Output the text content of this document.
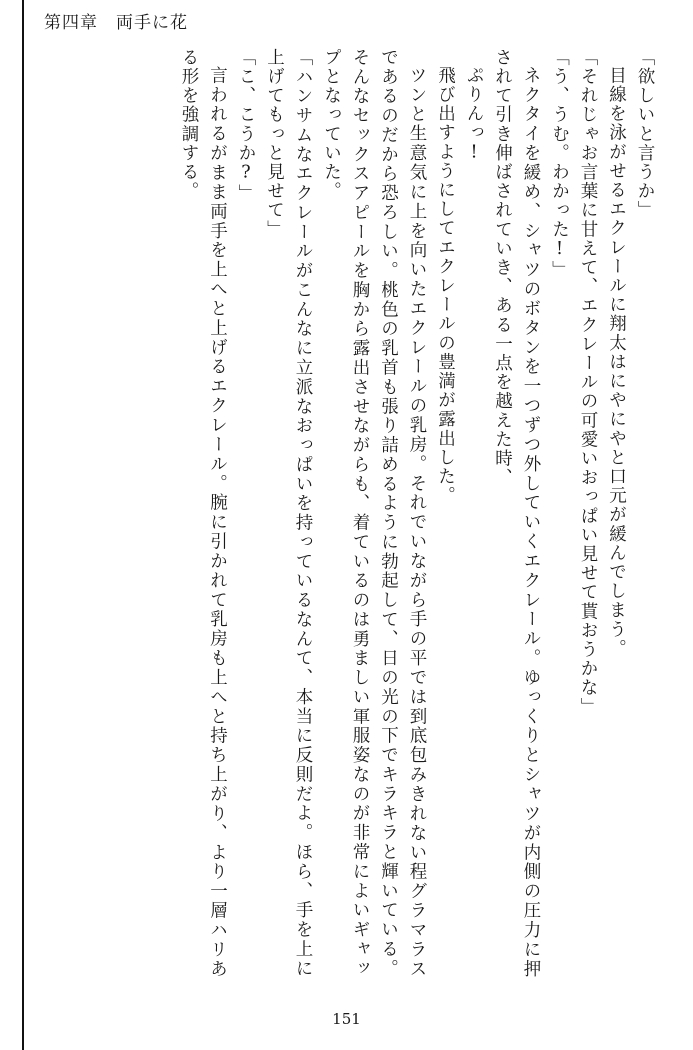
第四章 両手に花

「欲しいと言うか」

目線を泳がせるエクレールに翔太はにやにやと口元が緩んでしまう。

「それじゃお言葉に甘えて、エクレールの可愛いおっぱい見せて貰おうかな」

「う、うむ。わかった!」

ネクタイを緩め、シャツのボタンを一つずつ外していくエクレール。ゆっくりとシャツが内側の圧力に押されて引き伸ばされていき、ある一点を越えた時、

ぷりんっ!

飛び出すようにしてエクレールの豊満が露出した。

ツンと生意気に上を向いたエクレールの乳房。それでいながら手の平では到底包みきれない程グラマラスであるのだから恐ろしい。桃色の乳首も張り詰めるように勃起して、日の光の下でキラキラと輝いている。そんなセックスアピールを胸から露出させながらも、着ているのは勇ましい軍服姿なのが非常によいギャップとなっていた。

「ハンサムなエクレールがこんなに立派なおっぱいを持っているなんて、本当に反則だよ。ほら、手を上に上げてもっと見せて」

「こ、こうか?」

言われるがまま両手を上へと上げるエクレール。腕に引かれて乳房も上へと持ち上がり、より一層ハリある形を強調する。

151
